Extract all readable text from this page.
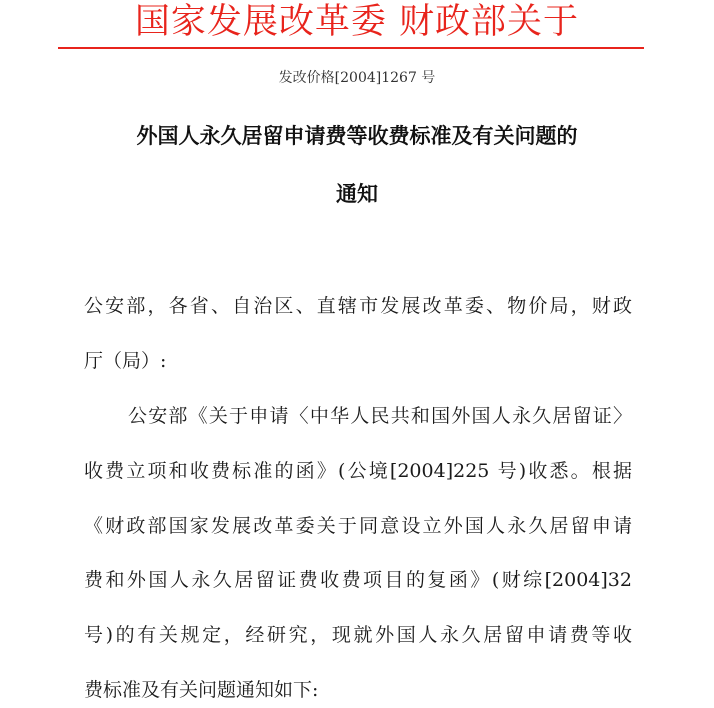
国家发展改革委 财政部关于
发改价格[2004]1267 号
外国人永久居留申请费等收费标准及有关问题的
通知
公安部，各省、自治区、直辖市发展改革委、物价局，财政
厅（局）:
公安部《关于申请〈中华人民共和国外国人永久居留证〉
收费立项和收费标准的函》(公境[2004]225 号)收悉。根据
《财政部国家发展改革委关于同意设立外国人永久居留申请
费和外国人永久居留证费收费项目的复函》(财综[2004]32
号)的有关规定，经研究，现就外国人永久居留申请费等收
费标准及有关问题通知如下:
